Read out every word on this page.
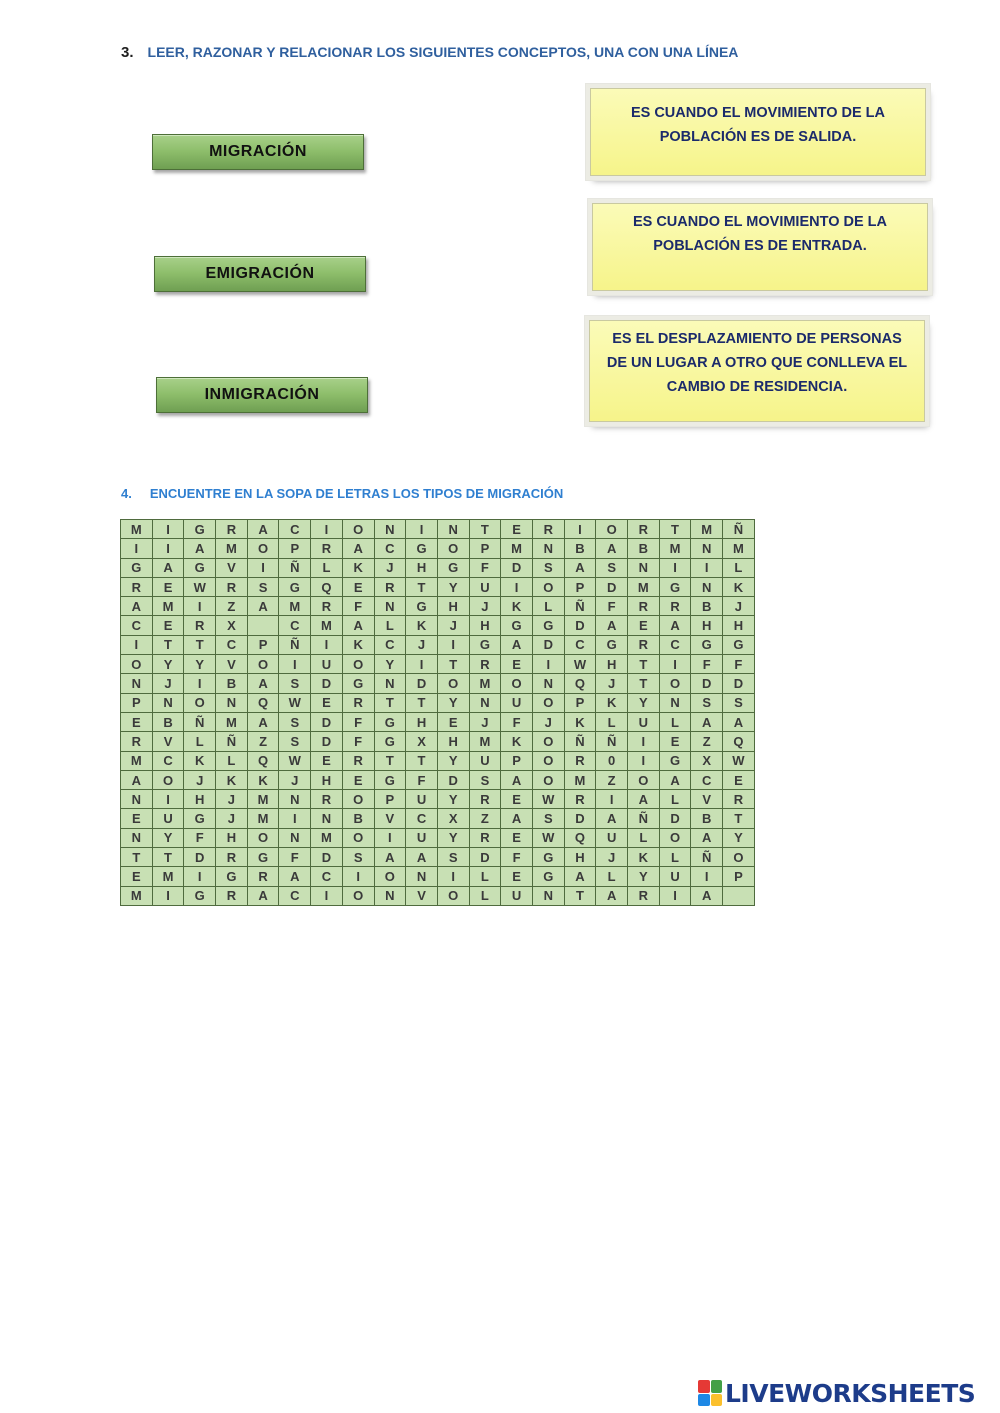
3. LEER, RAZONAR Y RELACIONAR LOS SIGUIENTES CONCEPTOS, UNA CON UNA LÍNEA
MIGRACIÓN
EMIGRACIÓN
INMIGRACIÓN
ES CUANDO EL MOVIMIENTO DE LA POBLACIÓN ES DE SALIDA.
ES CUANDO EL MOVIMIENTO DE LA POBLACIÓN ES DE ENTRADA.
ES EL DESPLAZAMIENTO DE PERSONAS DE UN LUGAR A OTRO QUE CONLLEVA EL CAMBIO DE RESIDENCIA.
4. ENCUENTRE EN LA SOPA DE LETRAS LOS TIPOS DE MIGRACIÓN
M	I	G	R	A	C	I	O	N	I	N	T	E	R	I	O	R	T	M	Ñ
I	I	A	M	O	P	R	A	C	G	O	P	M	N	B	A	B	M	N	M
G	A	G	V	I	Ñ	L	K	J	H	G	F	D	S	A	S	N	I	I	L
R	E	W	R	S	G	Q	E	R	T	Y	U	I	O	P	D	M	G	N	K
A	M	I	Z	A	M	R	F	N	G	H	J	K	L	Ñ	F	R	R	B	J
C	E	R	X		C	M	A	L	K	J	H	G	G	D	A	E	A	H	H
I	T	T	C	P	Ñ	I	K	C	J	I	G	A	D	C	G	R	C	G	G
O	Y	Y	V	O	I	U	O	Y	I	T	R	E	I	W	H	T	I	F	F
N	J	I	B	A	S	D	G	N	D	O	M	O	N	Q	J	T	O	D	D
P	N	O	N	Q	W	E	R	T	T	Y	N	U	O	P	K	Y	N	S	S
E	B	Ñ	M	A	S	D	F	G	H	E	J	F	J	K	L	U	L	A	A
R	V	L	Ñ	Z	S	D	F	G	X	H	M	K	O	Ñ	Ñ	I	E	Z	Q
M	C	K	L	Q	W	E	R	T	T	Y	U	P	O	R	0	I	G	X	W
A	O	J	K	K	J	H	E	G	F	D	S	A	O	M	Z	O	A	C	E
N	I	H	J	M	N	R	O	P	U	Y	R	E	W	R	I	A	L	V	R
E	U	G	J	M	I	N	B	V	C	X	Z	A	S	D	A	Ñ	D	B	T
N	Y	F	H	O	N	M	O	I	U	Y	R	E	W	Q	U	L	O	A	Y
T	T	D	R	G	F	D	S	A	A	S	D	F	G	H	J	K	L	Ñ	O
E	M	I	G	R	A	C	I	O	N	I	L	E	G	A	L	Y	U	I	P
M	I	G	R	A	C	I	O	N	V	O	L	U	N	T	A	R	I	A	
LIVEWORKSHEETS
